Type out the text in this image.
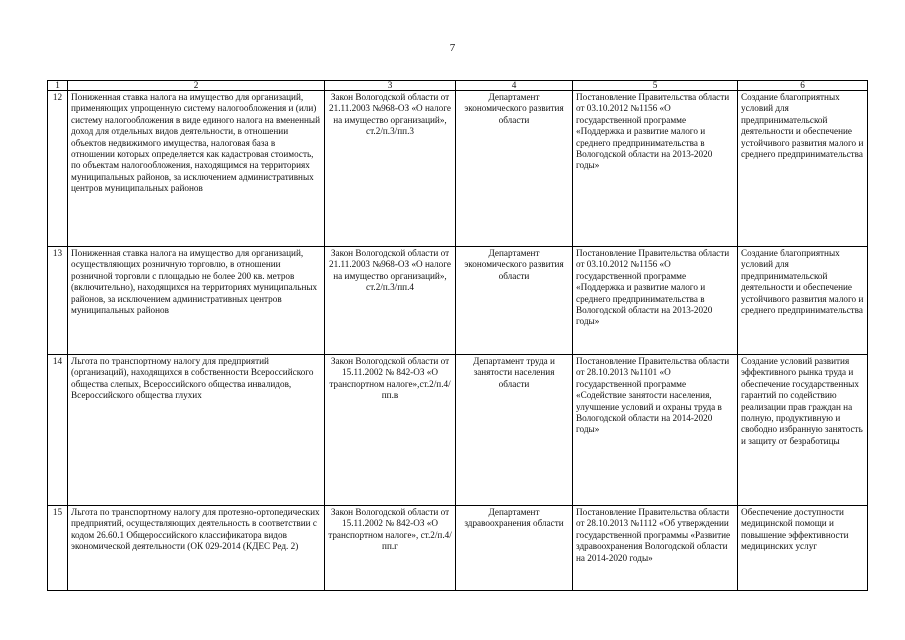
7
1	2	3	4	5	6
12	Пониженная ставка налога на имущество для организаций, применяющих упрощенную систему налогообложения и (или) систему налогообложения в виде единого налога на вмененный доход для отдельных видов деятельности, в отношении объектов недвижимого имущества, налоговая база в отношении которых определяется как кадастровая стоимость, по объектам налогообложения, находящимся на территориях муниципальных районов, за исключением административных центров муниципальных районов	Закон Вологодской области от 21.11.2003 №968-ОЗ «О налоге на имущество организаций», ст.2/п.3/пп.3	Департамент экономического развития области	Постановление Правительства области от 03.10.2012 №1156 «О государственной программе «Поддержка и развитие малого и среднего предпринимательства в Вологодской области на 2013-2020 годы»	Создание благоприятных условий для предпринимательской деятельности и обеспечение устойчивого развития малого и среднего предпринимательства
13	Пониженная ставка налога на имущество для организаций, осуществляющих розничную торговлю, в отношении розничной торговли с площадью не более 200 кв. метров (включительно), находящихся на территориях муниципальных районов, за исключением административных центров муниципальных районов	Закон Вологодской области от 21.11.2003 №968-ОЗ «О налоге на имущество организаций», ст.2/п.3/пп.4	Департамент экономического развития области	Постановление Правительства области от 03.10.2012 №1156 «О государственной программе «Поддержка и развитие малого и среднего предпринимательства в Вологодской области на 2013-2020 годы»	Создание благоприятных условий для предпринимательской деятельности и обеспечение устойчивого развития малого и среднего предпринимательства
14	Льгота по транспортному налогу для предприятий (организаций), находящихся в собственности Всероссийского общества слепых, Всероссийского общества инвалидов, Всероссийского общества глухих	Закон Вологодской области от 15.11.2002 № 842-ОЗ «О транспортном налоге»,ст.2/п.4/пп.в	Департамент труда и занятости населения области	Постановление Правительства области от 28.10.2013 №1101 «О государственной программе «Содействие занятости населения, улучшение условий и охраны труда в Вологодской области на 2014-2020 годы»	Создание условий развития эффективного рынка труда и обеспечение государственных гарантий по содействию реализации прав граждан на полную, продуктивную и свободно избранную занятость и защиту от безработицы
15	Льгота по транспортному налогу для протезно-ортопедических предприятий, осуществляющих деятельность в соответствии с кодом 26.60.1 Общероссийского классификатора видов экономической деятельности (ОК 029-2014 (КДЕС Ред. 2)	Закон Вологодской области от 15.11.2002 № 842-ОЗ «О транспортном налоге», ст.2/п.4/пп.г	Департамент здравоохранения области	Постановление Правительства области от 28.10.2013 №1112 «Об утверждении государственной программы «Развитие здравоохранения Вологодской области на 2014-2020 годы»	Обеспечение доступности медицинской помощи и повышение эффективности медицинских услуг
